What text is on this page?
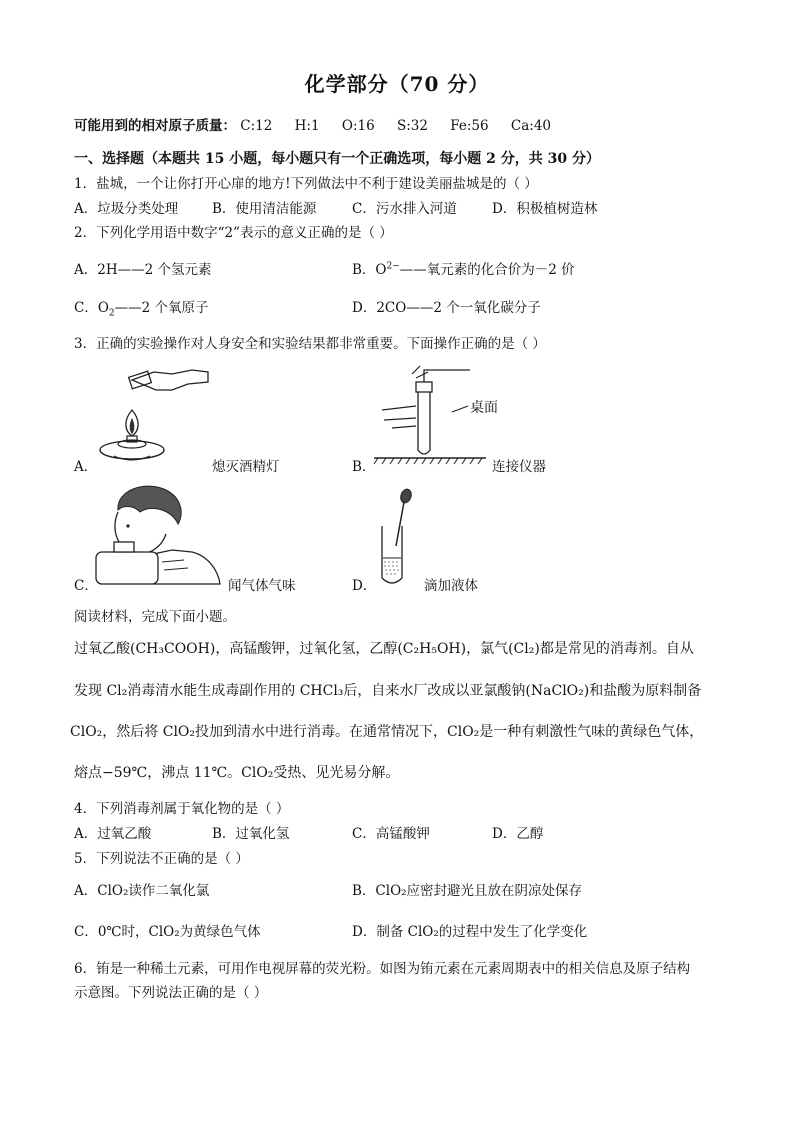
化学部分（70 分）
可能用到的相对原子质量： C:12 H:1 O:16 S:32 Fe:56 Ca:40
一、选择题（本题共 15 小题，每小题只有一个正确选项，每小题 2 分，共 30 分）
1．盐城，一个让你打开心扉的地方!下列做法中不利于建设美丽盐城是的（ ）
A．垃圾分类处理	B．使用清洁能源	C．污水排入河道	D．积极植树造林
2．下列化学用语中数字“2”表示的意义正确的是（ ）
A．2H——2 个氢元素	B．$O^{2-}——$氧元素的化合价为－2 价
C．$O_2——2$ 个氧原子	D．2CO——2 个一氧化碳分子
3．正确的实验操作对人身安全和实验结果都非常重要。下面操作正确的是（ ）
A．	熄灭酒精灯
桌面
B．	连接仪器
C．	闻气体气味	D．	滴加液体
阅读材料，完成下面小题。
过氧乙酸(CH₃COOH)，高锰酸钾，过氧化氢，乙醇(C₂H₅OH)，氯气(Cl₂)都是常见的消毒剂。自从
发现 Cl₂消毒清水能生成毒副作用的 CHCl₃后，自来水厂改成以亚氯酸钠(NaClO₂)和盐酸为原料制备
ClO₂，然后将 ClO₂投加到清水中进行消毒。在通常情况下，ClO₂是一种有刺激性气味的黄绿色气体，
熔点−59℃，沸点 11℃。ClO₂受热、见光易分解。
4．下列消毒剂属于氧化物的是（ ）
A．过氧乙酸	B．过氧化氢	C．高锰酸钾	D．乙醇
5．下列说法不正确的是（ ）
A．ClO₂读作二氧化氯	B．ClO₂应密封避光且放在阴凉处保存
C．0℃时，ClO₂为黄绿色气体	D．制备 ClO₂的过程中发生了化学变化
6．铕是一种稀土元素，可用作电视屏幕的荧光粉。如图为铕元素在元素周期表中的相关信息及原子结构
示意图。下列说法正确的是（ ）
